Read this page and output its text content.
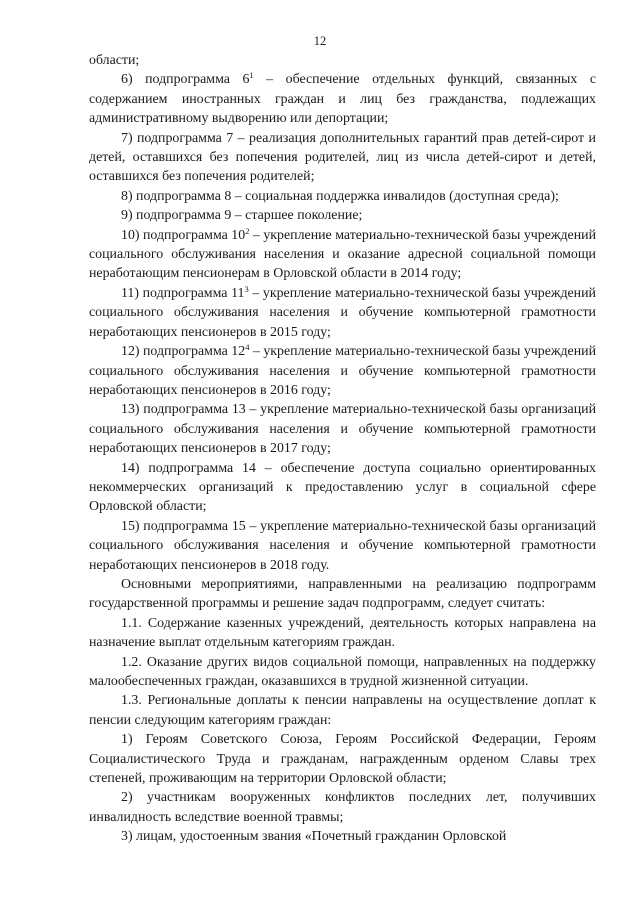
12

области;

6) подпрограмма $6^1$ – обеспечение отдельных функций, связанных с содержанием иностранных граждан и лиц без гражданства, подлежащих административному выдворению или депортации;

7) подпрограмма 7 – реализация дополнительных гарантий прав детей-сирот и детей, оставшихся без попечения родителей, лиц из числа детей-сирот и детей, оставшихся без попечения родителей;

8) подпрограмма 8 – социальная поддержка инвалидов (доступная среда);

9) подпрограмма 9 – старшее поколение;

10) подпрограмма $10^2$ – укрепление материально-технической базы учреждений социального обслуживания населения и оказание адресной социальной помощи неработающим пенсионерам в Орловской области в 2014 году;

11) подпрограмма $11^3$ – укрепление материально-технической базы учреждений социального обслуживания населения и обучение компьютерной грамотности неработающих пенсионеров в 2015 году;

12) подпрограмма $12^4$ – укрепление материально-технической базы учреждений социального обслуживания населения и обучение компьютерной грамотности неработающих пенсионеров в 2016 году;

13) подпрограмма 13 – укрепление материально-технической базы организаций социального обслуживания населения и обучение компьютерной грамотности неработающих пенсионеров в 2017 году;

14) подпрограмма 14 – обеспечение доступа социально ориентированных некоммерческих организаций к предоставлению услуг в социальной сфере Орловской области;

15) подпрограмма 15 – укрепление материально-технической базы организаций социального обслуживания населения и обучение компьютерной грамотности неработающих пенсионеров в 2018 году.

Основными мероприятиями, направленными на реализацию подпрограмм государственной программы и решение задач подпрограмм, следует считать:

1.1. Содержание казенных учреждений, деятельность которых направлена на назначение выплат отдельным категориям граждан.

1.2. Оказание других видов социальной помощи, направленных на поддержку малообеспеченных граждан, оказавшихся в трудной жизненной ситуации.

1.3. Региональные доплаты к пенсии направлены на осуществление доплат к пенсии следующим категориям граждан:

1) Героям Советского Союза, Героям Российской Федерации, Героям Социалистического Труда и гражданам, награжденным орденом Славы трех степеней, проживающим на территории Орловской области;

2) участникам вооруженных конфликтов последних лет, получивших инвалидность вследствие военной травмы;

3) лицам, удостоенным звания «Почетный гражданин Орловской
